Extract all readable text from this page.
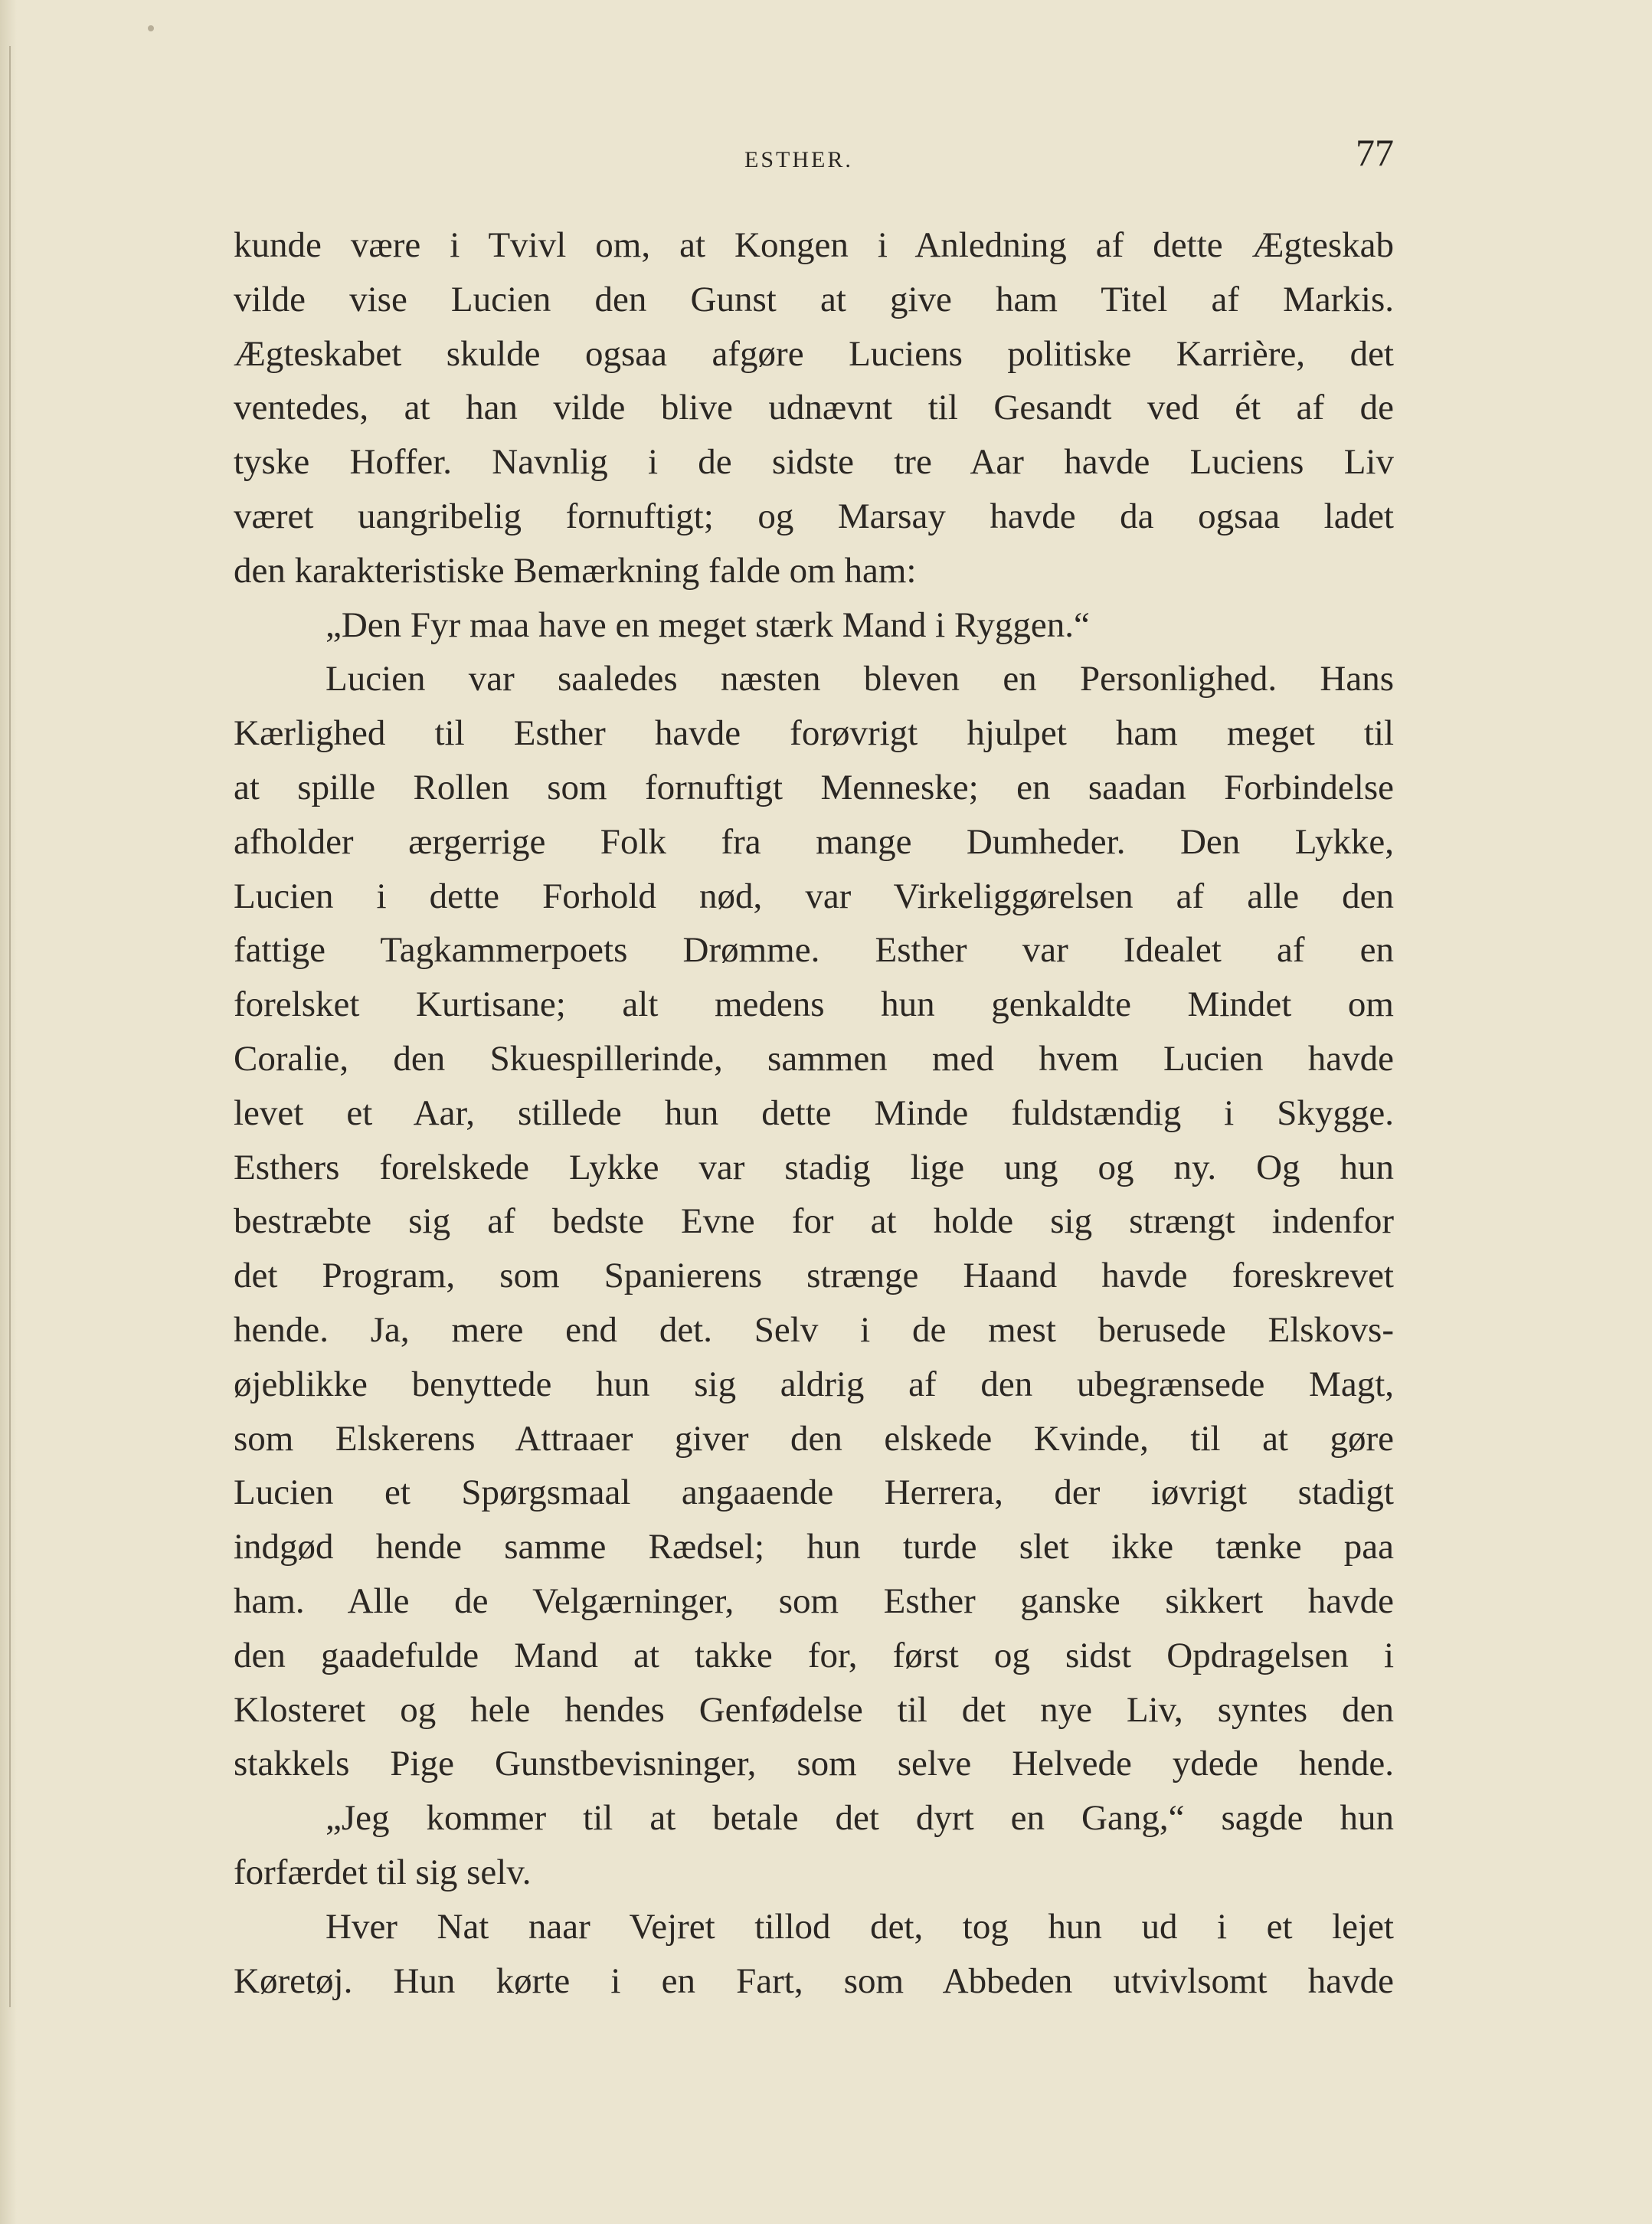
ESTHER.	77
kunde være i Tvivl om, at Kongen i Anledning af dette Ægteskab
vilde vise Lucien den Gunst at give ham Titel af Markis.
Ægteskabet skulde ogsaa afgøre Luciens politiske Karrière, det
ventedes, at han vilde blive udnævnt til Gesandt ved ét af de
tyske Hoffer. Navnlig i de sidste tre Aar havde Luciens Liv
været uangribelig fornuftigt; og Marsay havde da ogsaa ladet
den karakteristiske Bemærkning falde om ham:
„Den Fyr maa have en meget stærk Mand i Ryggen.“
Lucien var saaledes næsten bleven en Personlighed. Hans
Kærlighed til Esther havde forøvrigt hjulpet ham meget til
at spille Rollen som fornuftigt Menneske; en saadan Forbindelse
afholder ærgerrige Folk fra mange Dumheder. Den Lykke,
Lucien i dette Forhold nød, var Virkeliggørelsen af alle den
fattige Tagkammerpoets Drømme. Esther var Idealet af en
forelsket Kurtisane; alt medens hun genkaldte Mindet om
Coralie, den Skuespillerinde, sammen med hvem Lucien havde
levet et Aar, stillede hun dette Minde fuldstændig i Skygge.
Esthers forelskede Lykke var stadig lige ung og ny. Og hun
bestræbte sig af bedste Evne for at holde sig strængt indenfor
det Program, som Spanierens strænge Haand havde foreskrevet
hende. Ja, mere end det. Selv i de mest berusede Elskovs-
øjeblikke benyttede hun sig aldrig af den ubegrænsede Magt,
som Elskerens Attraaer giver den elskede Kvinde, til at gøre
Lucien et Spørgsmaal angaaende Herrera, der iøvrigt stadigt
indgød hende samme Rædsel; hun turde slet ikke tænke paa
ham. Alle de Velgærninger, som Esther ganske sikkert havde
den gaadefulde Mand at takke for, først og sidst Opdragelsen i
Klosteret og hele hendes Genfødelse til det nye Liv, syntes den
stakkels Pige Gunstbevisninger, som selve Helvede ydede hende.
„Jeg kommer til at betale det dyrt en Gang,“ sagde hun
forfærdet til sig selv.
Hver Nat naar Vejret tillod det, tog hun ud i et lejet
Køretøj. Hun kørte i en Fart, som Abbeden utvivlsomt havde
